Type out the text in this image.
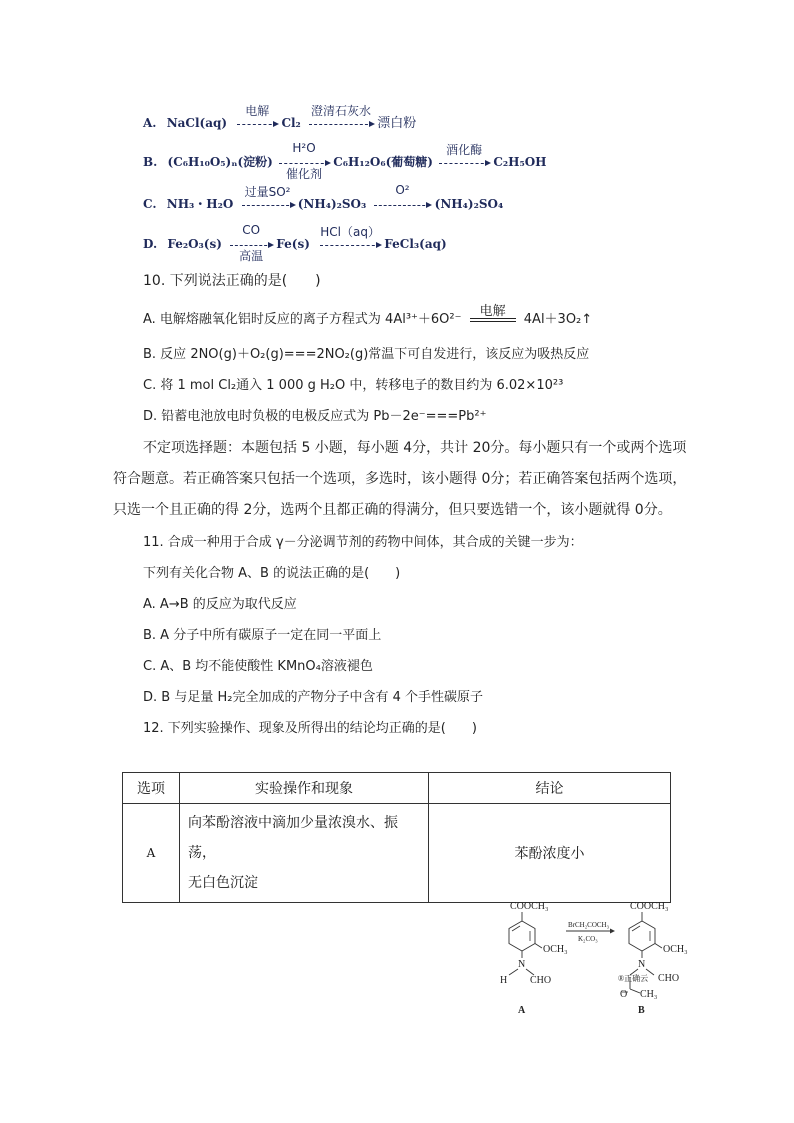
A. NaCl(aq)
电解
Cl₂
澄清石灰水
漂白粉
B. (C₆H₁₀O₅)ₙ(淀粉)
H²O
催化剂
C₆H₁₂O₆(葡萄糖)
酒化酶
C₂H₅OH
C. NH₃・H₂O
过量SO²
(NH₄)₂SO₃
O²
(NH₄)₂SO₄
D. Fe₂O₃(s)
CO
高温
Fe(s)
HCl（aq）
FeCl₃(aq)
10. 下列说法正确的是(　　)
A. 电解熔融氧化铝时反应的离子方程式为 4Al³⁺＋6O²⁻
电解
4Al＋3O₂↑
B. 反应 2NO(g)＋O₂(g)===2NO₂(g)常温下可自发进行，该反应为吸热反应
C. 将 1 mol Cl₂通入 1 000 g H₂O 中，转移电子的数目约为 6.02×10²³
D. 铅蓄电池放电时负极的电极反应式为 Pb－2e⁻===Pb²⁺
不定项选择题：本题包括 5 小题，每小题 4分，共计 20分。每小题只有一个或两个选项
符合题意。若正确答案只包括一个选项，多选时，该小题得 0分；若正确答案包括两个选项，
只选一个且正确的得 2分，选两个且都正确的得满分，但只要选错一个，该小题就得 0分。
11. 合成一种用于合成 γ－分泌调节剂的药物中间体，其合成的关键一步为：
下列有关化合物 A、B 的说法正确的是(　　)
A. A→B 的反应为取代反应
B. A 分子中所有碳原子一定在同一平面上
C. A、B 均不能使酸性 KMnO₄溶液褪色
D. B 与足量 H₂完全加成的产物分子中含有 4 个手性碳原子
12. 下列实验操作、现象及所得出的结论均正确的是(　　)
选项	实验操作和现象	结论
A	向苯酚溶液中滴加少量浓溴水、振荡，
无白色沉淀	苯酚浓度小
COOCH₃
OCH₃
N
H CHO
A
BrCH₂COCH₃
K₂CO₃
COOCH₃
OCH₃
N
®正确云 CHO
O CH₃
B
